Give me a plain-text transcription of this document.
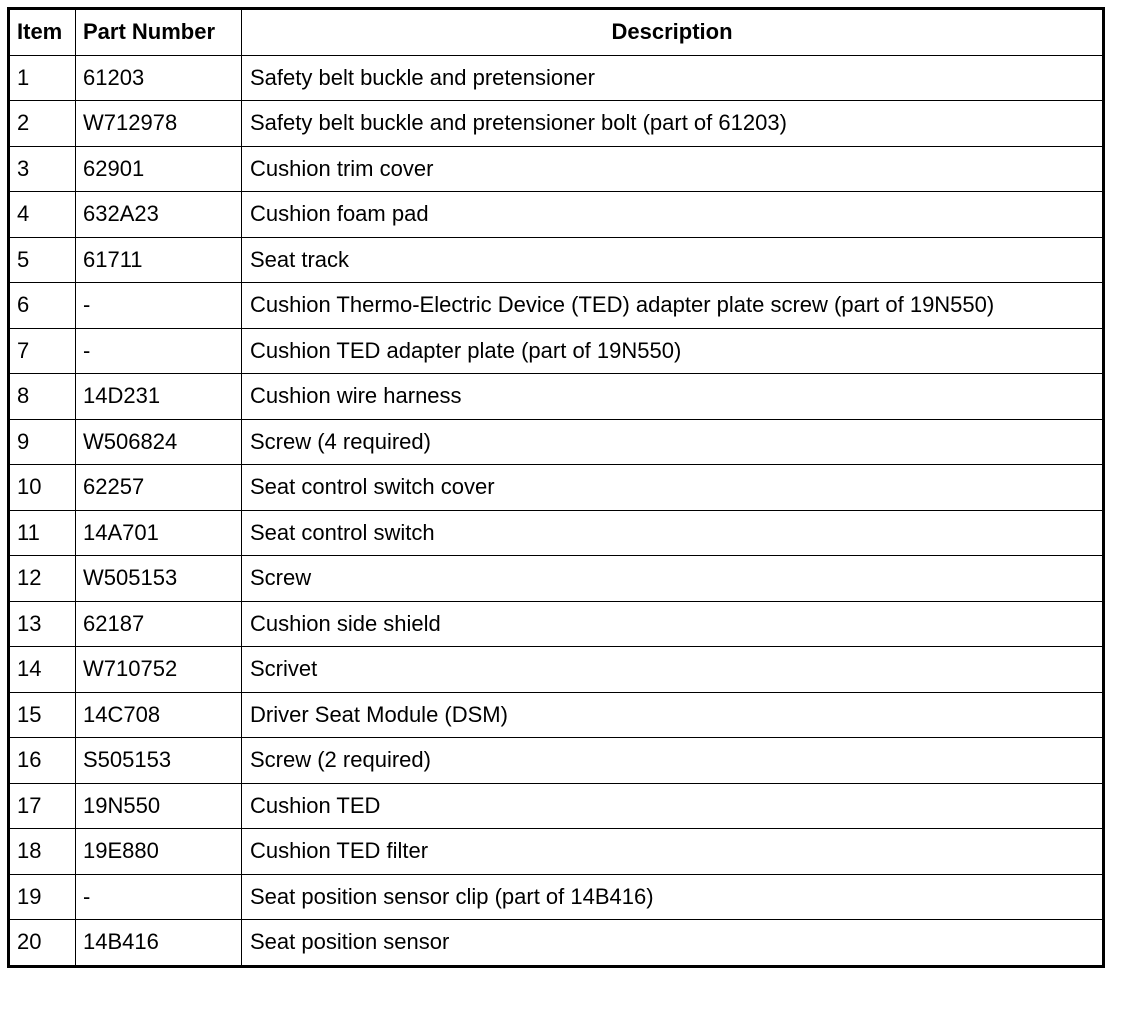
Item	Part Number	Description
1	61203	Safety belt buckle and pretensioner
2	W712978	Safety belt buckle and pretensioner bolt (part of 61203)
3	62901	Cushion trim cover
4	632A23	Cushion foam pad
5	61711	Seat track
6	-	Cushion Thermo-Electric Device (TED) adapter plate screw (part of 19N550)
7	-	Cushion TED adapter plate (part of 19N550)
8	14D231	Cushion wire harness
9	W506824	Screw (4 required)
10	62257	Seat control switch cover
11	14A701	Seat control switch
12	W505153	Screw
13	62187	Cushion side shield
14	W710752	Scrivet
15	14C708	Driver Seat Module (DSM)
16	S505153	Screw (2 required)
17	19N550	Cushion TED
18	19E880	Cushion TED filter
19	-	Seat position sensor clip (part of 14B416)
20	14B416	Seat position sensor
